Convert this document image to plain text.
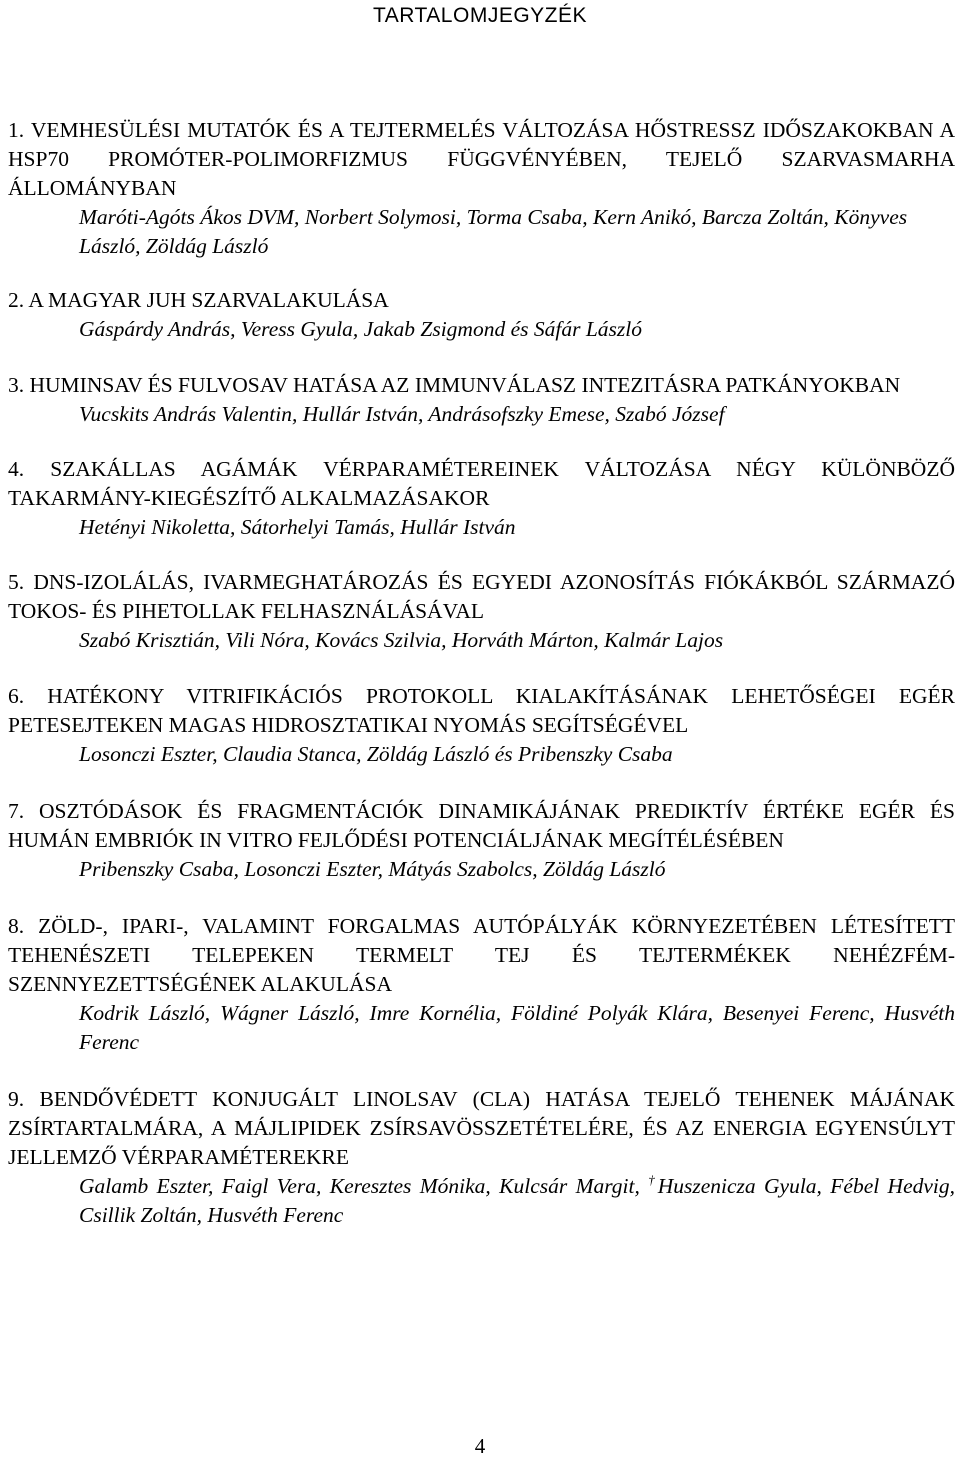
TARTALOMJEGYZÉK
1. VEMHESÜLÉSI MUTATÓK ÉS A TEJTERMELÉS VÁLTOZÁSA HŐSTRESSZ IDŐSZAKOKBAN A HSP70 PROMÓTER-POLIMORFIZMUS FÜGGVÉNYÉBEN, TEJELŐ SZARVASMARHA ÁLLOMÁNYBAN
Maróti-Agóts Ákos DVM, Norbert Solymosi, Torma Csaba, Kern Anikó, Barcza Zoltán, Könyves László, Zöldág László
2. A MAGYAR JUH SZARVALAKULÁSA
Gáspárdy András, Veress Gyula, Jakab Zsigmond és Sáfár László
3. HUMINSAV ÉS FULVOSAV HATÁSA AZ IMMUNVÁLASZ INTEZITÁSRA PATKÁNYOKBAN
Vucskits András Valentin, Hullár István, Andrásofszky Emese, Szabó József
4. SZAKÁLLAS AGÁMÁK VÉRPARAMÉTEREINEK VÁLTOZÁSA NÉGY KÜLÖNBÖZŐ TAKARMÁNY-KIEGÉSZÍTŐ ALKALMAZÁSAKOR
Hetényi Nikoletta, Sátorhelyi Tamás, Hullár István
5. DNS-IZOLÁLÁS, IVARMEGHATÁROZÁS ÉS EGYEDI AZONOSÍTÁS FIÓKÁKBÓL SZÁRMAZÓ TOKOS- ÉS PIHETOLLAK FELHASZNÁLÁSÁVAL
Szabó Krisztián, Vili Nóra, Kovács Szilvia, Horváth Márton, Kalmár Lajos
6. HATÉKONY VITRIFIKÁCIÓS PROTOKOLL KIALAKÍTÁSÁNAK LEHETŐSÉGEI EGÉR PETESEJTEKEN MAGAS HIDROSZTATIKAI NYOMÁS SEGÍTSÉGÉVEL
Losonczi Eszter, Claudia Stanca, Zöldág László és Pribenszky Csaba
7. OSZTÓDÁSOK ÉS FRAGMENTÁCIÓK DINAMIKÁJÁNAK PREDIKTÍV ÉRTÉKE EGÉR ÉS HUMÁN EMBRIÓK IN VITRO FEJLŐDÉSI POTENCIÁLJÁNAK MEGÍTÉLÉSÉBEN
Pribenszky Csaba, Losonczi Eszter, Mátyás Szabolcs, Zöldág László
8. ZÖLD-, IPARI-, VALAMINT FORGALMAS AUTÓPÁLYÁK KÖRNYEZETÉBEN LÉTESÍTETT TEHENÉSZETI TELEPEKEN TERMELT TEJ ÉS TEJTERMÉKEK NEHÉZFÉM-SZENNYEZETTSÉGÉNEK ALAKULÁSA
Kodrik László, Wágner László, Imre Kornélia, Földiné Polyák Klára, Besenyei Ferenc, Husvéth Ferenc
9. BENDŐVÉDETT KONJUGÁLT LINOLSAV (CLA) HATÁSA TEJELŐ TEHENEK MÁJÁNAK ZSÍRTARTALMÁRA, A MÁJLIPIDEK ZSÍRSAVÖSSZETÉTELÉRE, ÉS AZ ENERGIA EGYENSÚLYT JELLEMZŐ VÉRPARAMÉTEREKRE
Galamb Eszter, Faigl Vera, Keresztes Mónika, Kulcsár Margit, †Huszenicza Gyula, Fébel Hedvig, Csillik Zoltán, Husvéth Ferenc
4
